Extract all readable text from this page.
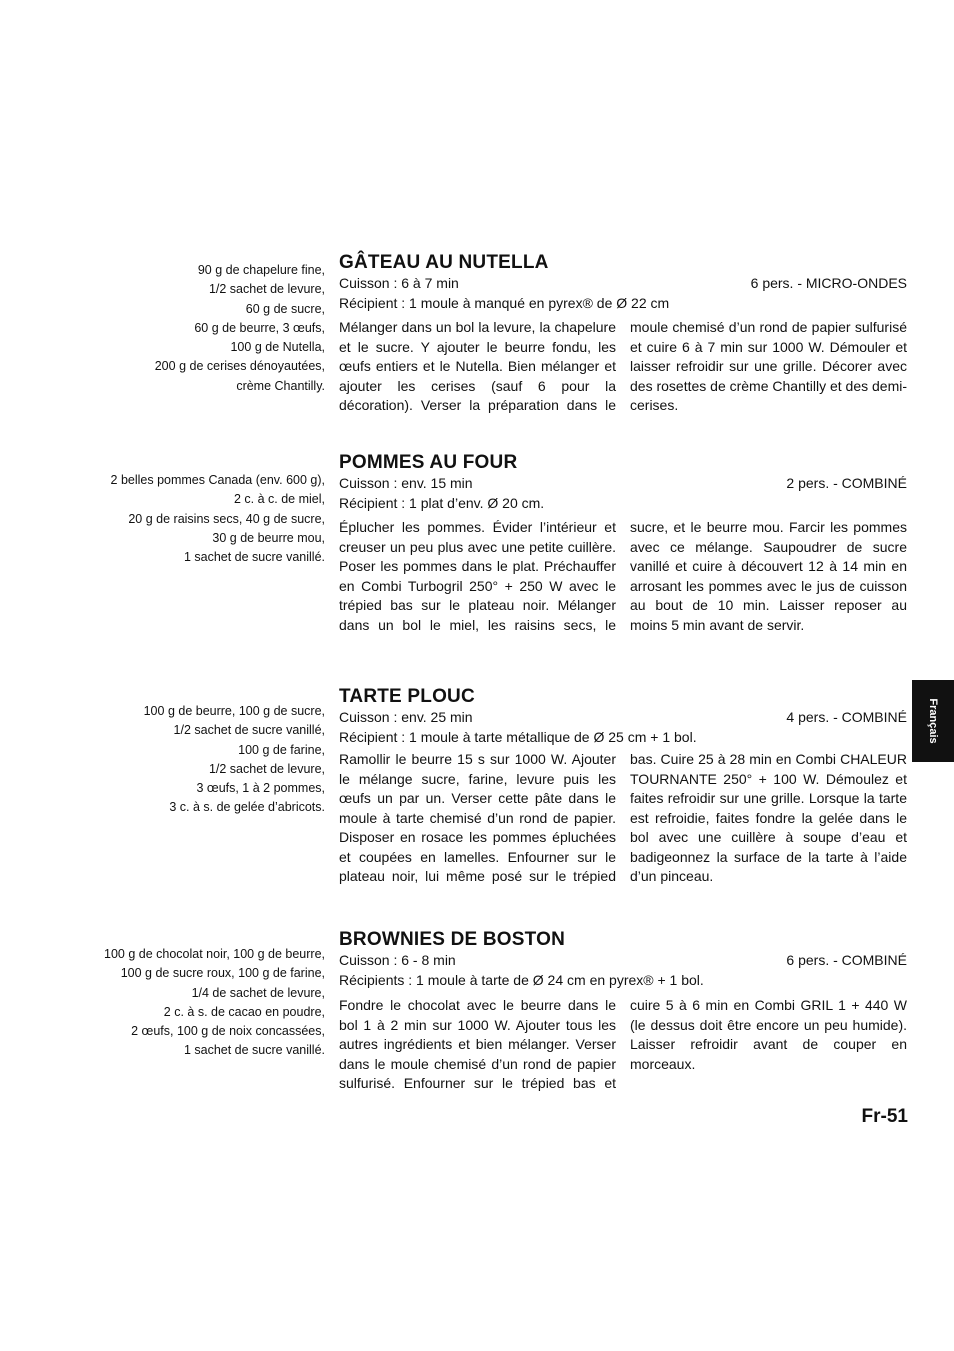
90 g de chapelure fine,
1/2 sachet de levure,
60 g de sucre,
60 g de beurre, 3 œufs,
100 g de Nutella,
200 g de cerises dénoyautées,
crème Chantilly.
GÂTEAU AU NUTELLA
Cuisson : 6 à 7 min	6 pers. - MICRO-ONDES
Récipient : 1 moule à manqué en pyrex® de Ø 22 cm
Mélanger dans un bol la levure, la chapelure et le sucre. Y ajouter le beurre fondu, les œufs entiers et le Nutella. Bien mélanger et ajouter les cerises (sauf 6 pour la décoration). Verser la préparation dans le moule chemisé d’un rond de papier sulfurisé et cuire 6 à 7 min sur 1000 W. Démouler et laisser refroidir sur une grille. Décorer avec des rosettes de crème Chantilly et des demi-cerises.
2 belles pommes Canada (env. 600 g),
2 c. à c. de miel,
20 g de raisins secs, 40 g de sucre,
30 g de beurre mou,
1 sachet de sucre vanillé.
POMMES AU FOUR
Cuisson : env. 15 min	2 pers. - COMBINÉ
Récipient : 1 plat d’env. Ø 20 cm.
Éplucher les pommes. Évider l’intérieur et creuser un peu plus avec une petite cuillère. Poser les pommes dans le plat. Préchauffer en Combi Turbogril 250° + 250 W avec le trépied bas sur le plateau noir. Mélanger dans un bol le miel, les raisins secs, le sucre, et le beurre mou. Farcir les pommes avec ce mélange. Saupoudrer de sucre vanillé et cuire à découvert 12 à 14 min en arrosant les pommes avec le jus de cuisson au bout de 10 min. Laisser reposer au moins 5 min avant de servir.
100 g de beurre, 100 g de sucre,
1/2 sachet de sucre vanillé,
100 g de farine,
1/2 sachet de levure,
3 œufs, 1 à 2 pommes,
3 c. à s. de gelée d’abricots.
TARTE PLOUC
Cuisson : env. 25 min	4 pers. - COMBINÉ
Récipient : 1 moule à tarte métallique de Ø 25 cm + 1 bol.
Ramollir le beurre 15 s sur 1000 W. Ajouter le mélange sucre, farine, levure puis les œufs un par un. Verser cette pâte dans le moule à tarte chemisé d’un rond de papier. Disposer en rosace les pommes épluchées et coupées en lamelles. Enfourner sur le plateau noir, lui même posé sur le trépied bas. Cuire 25 à 28 min en Combi CHALEUR TOURNANTE 250° + 100 W. Démoulez et faites refroidir sur une grille. Lorsque la tarte est refroidie, faites fondre la gelée dans le bol avec une cuillère à soupe d’eau et badigeonnez la surface de la tarte à l’aide d’un pinceau.
100 g de chocolat noir, 100 g de beurre,
100 g de sucre roux, 100 g de farine,
1/4 de sachet de levure,
2 c. à s. de cacao en poudre,
2 œufs, 100 g de noix concassées,
1 sachet de sucre vanillé.
BROWNIES DE BOSTON
Cuisson : 6 - 8 min	6 pers. - COMBINÉ
Récipients : 1 moule à tarte de Ø 24 cm en pyrex® + 1 bol.
Fondre le chocolat avec le beurre dans le bol 1 à 2 min sur 1000 W. Ajouter tous les autres ingrédients et bien mélanger. Verser dans le moule chemisé d’un rond de papier sulfurisé. Enfourner sur le trépied bas et cuire 5 à 6 min en Combi GRIL 1 + 440 W (le dessus doit être encore un peu humide). Laisser refroidir avant de couper en morceaux.
Fr-51
Français
